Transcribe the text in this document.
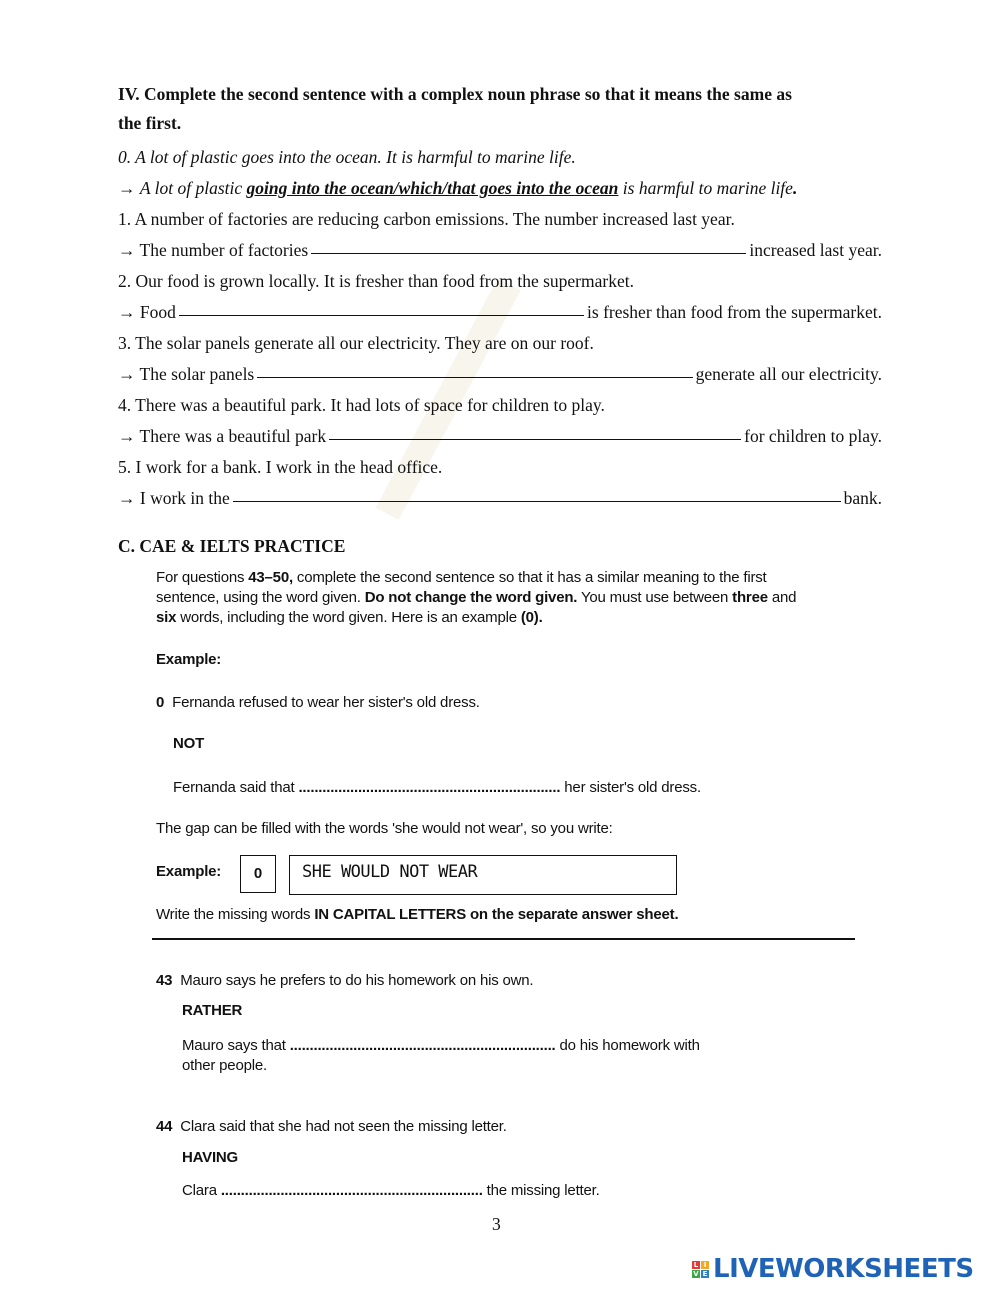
IV. Complete the second sentence with a complex noun phrase so that it means the same as
the first.
0. A lot of plastic goes into the ocean. It is harmful to marine life.
→ A lot of plastic going into the ocean/which/that goes into the ocean is harmful to marine life.
1. A number of factories are reducing carbon emissions. The number increased last year.
→ The number of factories	increased last year.
2. Our food is grown locally. It is fresher than food from the supermarket.
→ Food	is fresher than food from the supermarket.
3. The solar panels generate all our electricity. They are on our roof.
→ The solar panels	generate all our electricity.
4. There was a beautiful park. It had lots of space for children to play.
→ There was a beautiful park	for children to play.
5. I work for a bank. I work in the head office.
→ I work in the	bank.
C. CAE & IELTS PRACTICE
For questions 43–50, complete the second sentence so that it has a similar meaning to the first
sentence, using the word given. Do not change the word given. You must use between three and
six words, including the word given. Here is an example (0).
Example:
0 Fernanda refused to wear her sister's old dress.
NOT
Fernanda said that .................................................................. her sister's old dress.
The gap can be filled with the words 'she would not wear', so you write:
Example:	0	SHE WOULD NOT WEAR
Write the missing words IN CAPITAL LETTERS on the separate answer sheet.
43 Mauro says he prefers to do his homework on his own.
RATHER
Mauro says that ................................................................... do his homework with
other people.
44 Clara said that she had not seen the missing letter.
HAVING
Clara .................................................................. the missing letter.
3
L I
V E LIVEWORKSHEETS
